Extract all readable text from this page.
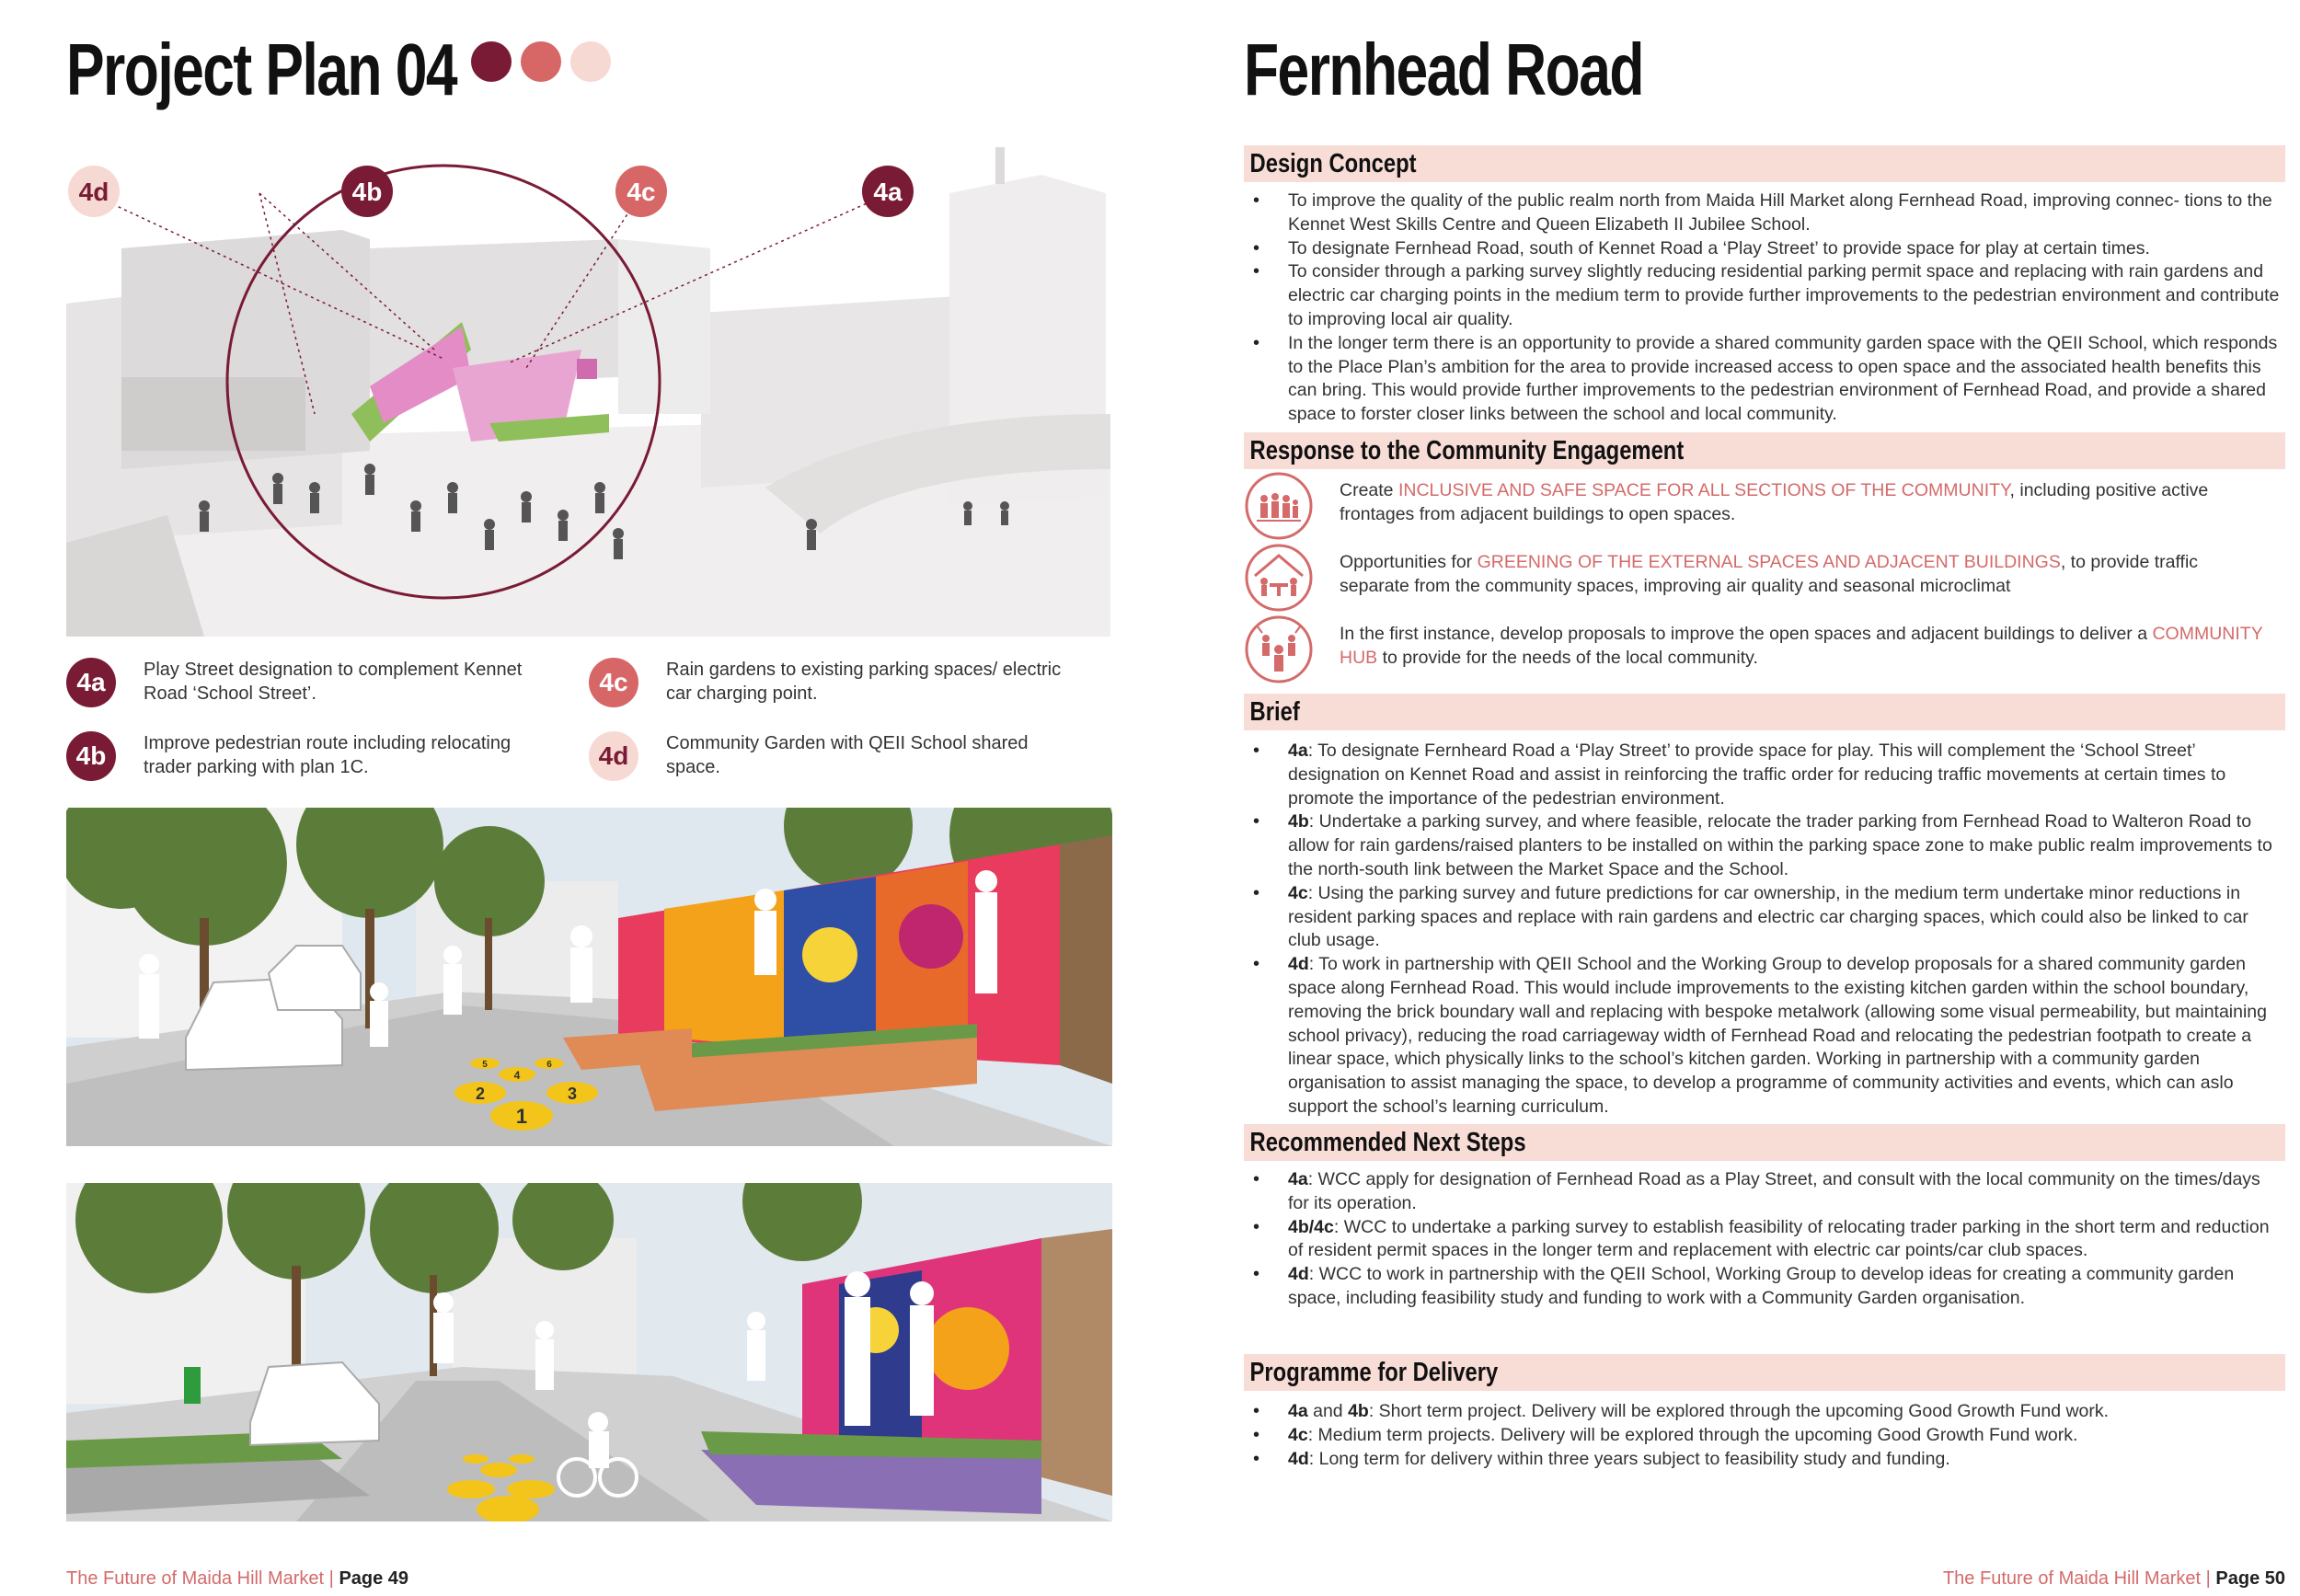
Project Plan 04
4d	4b	4c	4a
4a	Play Street designation to complement Kennet Road ‘School Street’.	4c	Rain gardens to existing parking spaces/ electric car charging point.
4b	Improve pedestrian route including relocating trader parking with plan 1C.	4d	Community Garden with QEII School shared space.
1
2	3
4
5	6
The Future of Maida Hill Market | Page 49
Fernhead Road
Design Concept
• To improve the quality of the public realm north from Maida Hill Market along Fernhead Road, improving connec- tions to the Kennet West Skills Centre and Queen Elizabeth II Jubilee School.
• To designate Fernhead Road, south of Kennet Road a ‘Play Street’ to provide space for play at certain times.
• To consider through a parking survey slightly reducing residential parking permit space and replacing with rain gardens and electric car charging points in the medium term to provide further improvements to the pedestrian environment and contribute to improving local air quality.
• In the longer term there is an opportunity to provide a shared community garden space with the QEII School, which responds to the Place Plan’s ambition for the area to provide increased access to open space and the associated health benefits this can bring. This would provide further improvements to the pedestrian environment of Fernhead Road, and provide a shared space to forster closer links between the school and local community.
Response to the Community Engagement
Create INCLUSIVE AND SAFE SPACE FOR ALL SECTIONS OF THE COMMUNITY, including positive active frontages from adjacent buildings to open spaces.
Opportunities for GREENING OF THE EXTERNAL SPACES AND ADJACENT BUILDINGS, to provide traffic separate from the community spaces, improving air quality and seasonal microclimat
In the first instance, develop proposals to improve the open spaces and adjacent buildings to deliver a COMMUNITY HUB to provide for the needs of the local community.
Brief
• 4a: To designate Fernheard Road a ‘Play Street’ to provide space for play. This will complement the ‘School Street’ designation on Kennet Road and assist in reinforcing the traffic order for reducing traffic movements at certain times to promote the importance of the pedestrian environment.
• 4b: Undertake a parking survey, and where feasible, relocate the trader parking from Fernhead Road to Walteron Road to allow for rain gardens/raised planters to be installed on within the parking space zone to make public realm improvements to the north-south link between the Market Space and the School.
• 4c: Using the parking survey and future predictions for car ownership, in the medium term undertake minor reductions in resident parking spaces and replace with rain gardens and electric car charging spaces, which could also be linked to car club usage.
• 4d: To work in partnership with QEII School and the Working Group to develop proposals for a shared community garden space along Fernhead Road. This would include improvements to the existing kitchen garden within the school boundary, removing the brick boundary wall and replacing with bespoke metalwork (allowing some visual permeability, but maintaining school privacy), reducing the road carriageway width of Fernhead Road and relocating the pedestrian footpath to create a linear space, which physically links to the school’s kitchen garden. Working in partnership with a community garden organisation to assist managing the space, to develop a programme of community activities and events, which can aslo support the school’s learning curriculum.
Recommended Next Steps
• 4a: WCC apply for designation of Fernhead Road as a Play Street, and consult with the local community on the times/days for its operation.
• 4b/4c: WCC to undertake a parking survey to establish feasibility of relocating trader parking in the short term and reduction of resident permit spaces in the longer term and replacement with electric car points/car club spaces.
• 4d: WCC to work in partnership with the QEII School, Working Group to develop ideas for creating a community garden space, including feasibility study and funding to work with a Community Garden organisation.
Programme for Delivery
• 4a and 4b: Short term project. Delivery will be explored through the upcoming Good Growth Fund work.
• 4c: Medium term projects. Delivery will be explored through the upcoming Good Growth Fund work.
• 4d: Long term for delivery within three years subject to feasibility study and funding.
The Future of Maida Hill Market | Page 50
